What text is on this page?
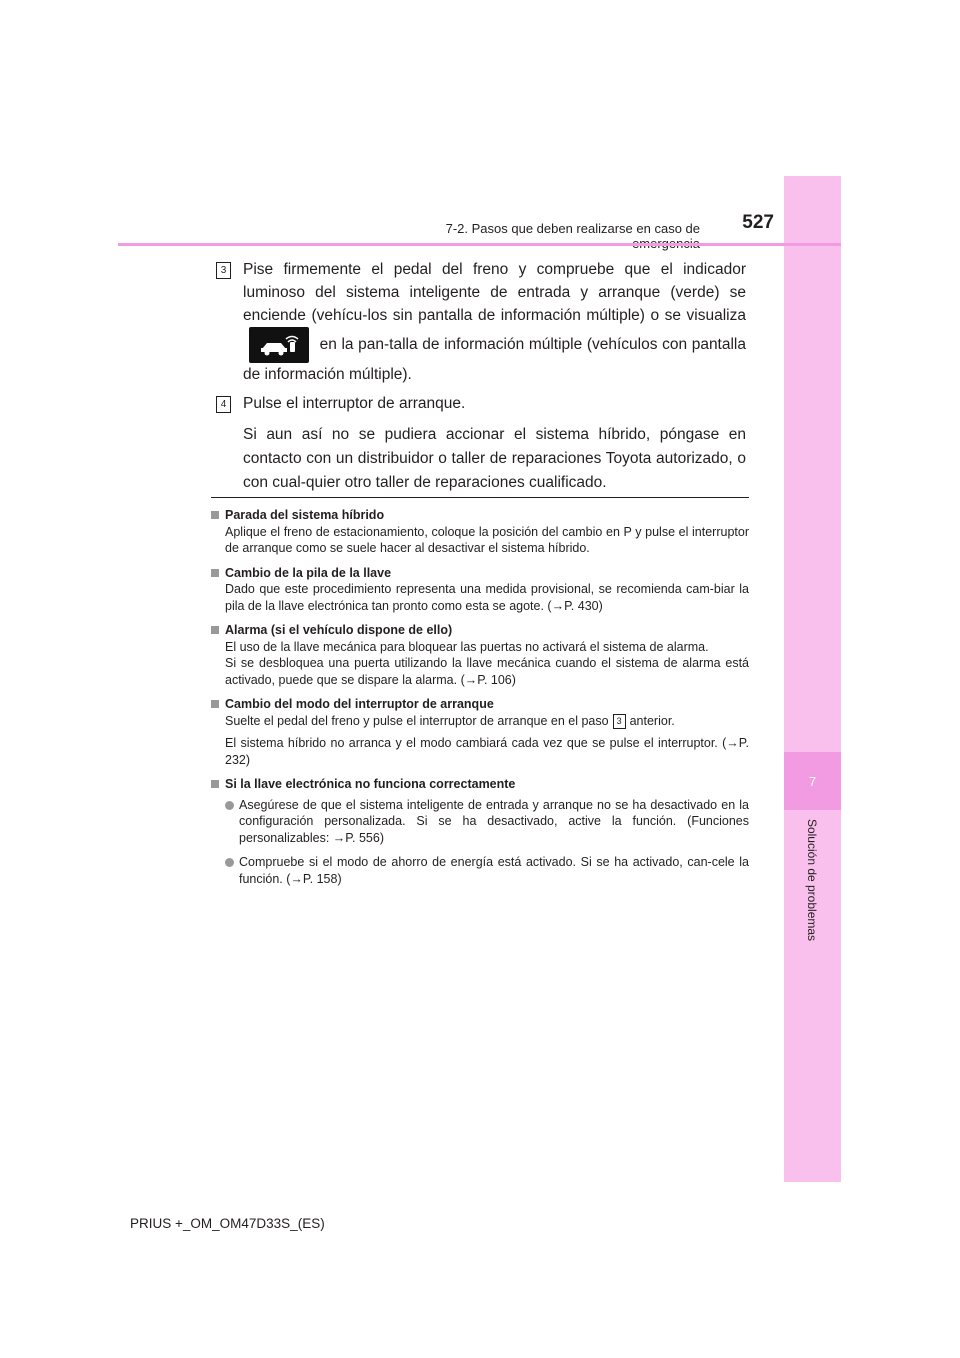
7
Solución de problemas
7-2. Pasos que deben realizarse en caso de	527
3	Pise firmemente el pedal del freno y compruebe que el indicador luminoso del sistema inteligente de entrada y arranque (verde) se enciende (vehícu-los sin pantalla de información múltiple) o se visualiza
en la pan-talla de información múltiple (vehículos con pantalla de información múltiple).
4	Pulse el interruptor de arranque.
Si aun así no se pudiera accionar el sistema híbrido, póngase en contacto con un distribuidor o taller de reparaciones Toyota autorizado, o con cual-quier otro taller de reparaciones cualificado.
Parada del sistema híbrido

Aplique el freno de estacionamiento, coloque la posición del cambio en P y pulse el interruptor de arranque como se suele hacer al desactivar el sistema híbrido.

Cambio de la pila de la llave

Dado que este procedimiento representa una medida provisional, se recomienda cam-biar la pila de la llave electrónica tan pronto como esta se agote. (→P. 430)

Alarma (si el vehículo dispone de ello)

El uso de la llave mecánica para bloquear las puertas no activará el sistema de alarma.

Si se desbloquea una puerta utilizando la llave mecánica cuando el sistema de alarma está activado, puede que se dispare la alarma. (→P. 106)

Cambio del modo del interruptor de arranque

Suelte el pedal del freno y pulse el interruptor de arranque en el paso 3 anterior.

El sistema híbrido no arranca y el modo cambiará cada vez que se pulse el interruptor. (→P. 232)

Si la llave electrónica no funciona correctamente
Asegúrese de que el sistema inteligente de entrada y arranque no se ha desactivado en la configuración personalizada. Si se ha desactivado, active la función. (Funciones personalizables: →P. 556)
Compruebe si el modo de ahorro de energía está activado. Si se ha activado, can-cele la función. (→P. 158)
PRIUS +_OM_OM47D33S_(ES)
